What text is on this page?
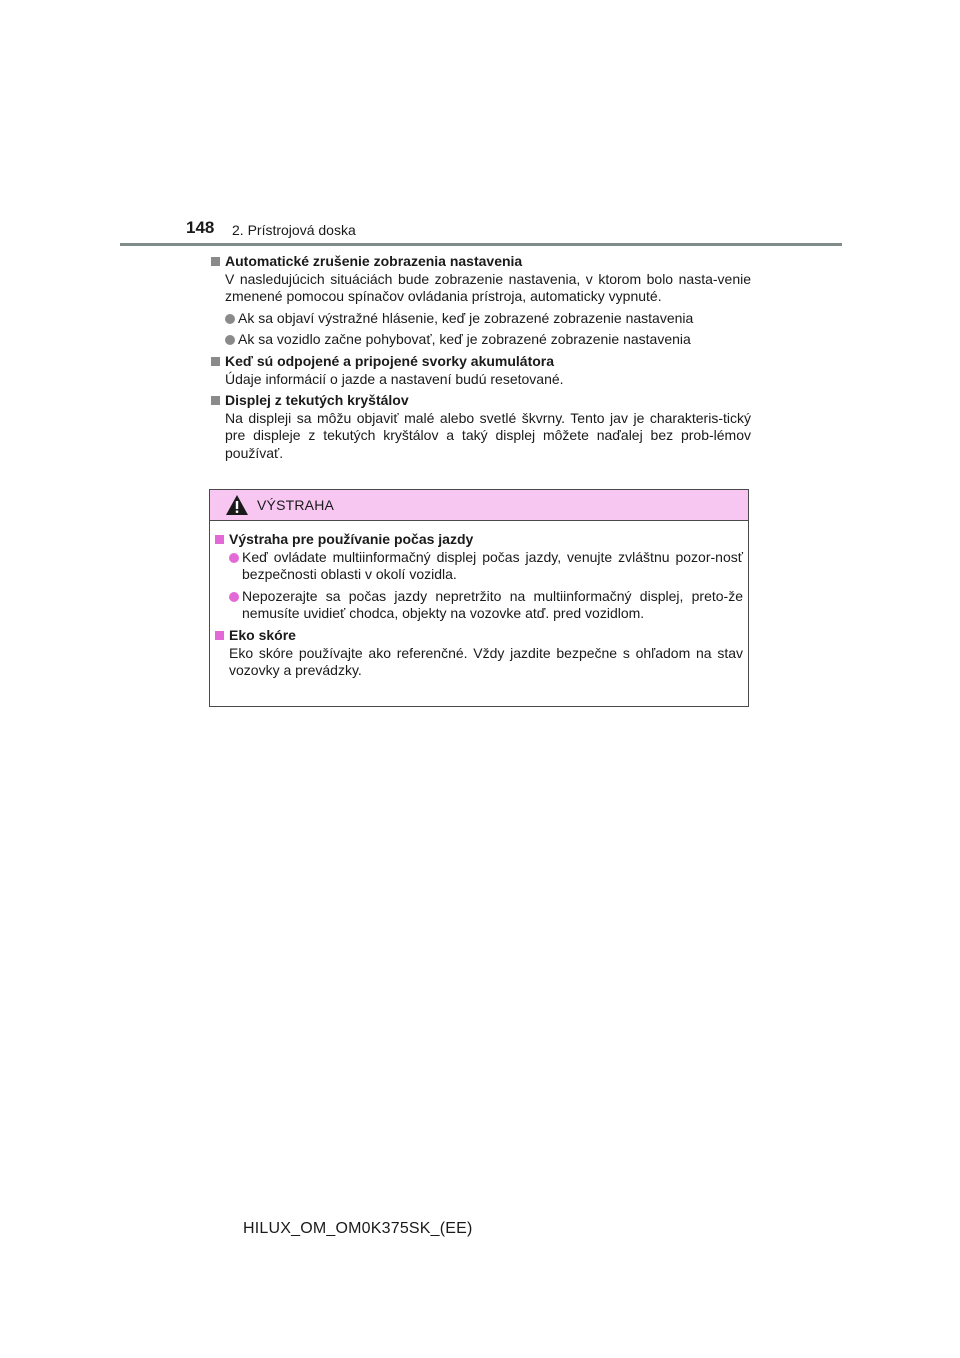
148 2. Prístrojová doska
Automatické zrušenie zobrazenia nastavenia
V nasledujúcich situáciách bude zobrazenie nastavenia, v ktorom bolo nasta-venie zmenené pomocou spínačov ovládania prístroja, automaticky vypnuté.
Ak sa objaví výstražné hlásenie, keď je zobrazené zobrazenie nastavenia
Ak sa vozidlo začne pohybovať, keď je zobrazené zobrazenie nastavenia
Keď sú odpojené a pripojené svorky akumulátora
Údaje informácií o jazde a nastavení budú resetované.
Displej z tekutých kryštálov
Na displeji sa môžu objaviť malé alebo svetlé škvrny. Tento jav je charakteris-tický pre displeje z tekutých kryštálov a taký displej môžete naďalej bez prob-lémov používať.
VÝSTRAHA
Výstraha pre používanie počas jazdy
Keď ovládate multiinformačný displej počas jazdy, venujte zvláštnu pozor-nosť bezpečnosti oblasti v okolí vozidla.
Nepozerajte sa počas jazdy nepretržito na multiinformačný displej, preto-že nemusíte uvidieť chodca, objekty na vozovke atď. pred vozidlom.
Eko skóre
Eko skóre používajte ako referenčné. Vždy jazdite bezpečne s ohľadom na stav vozovky a prevádzky.
HILUX_OM_OM0K375SK_(EE)
